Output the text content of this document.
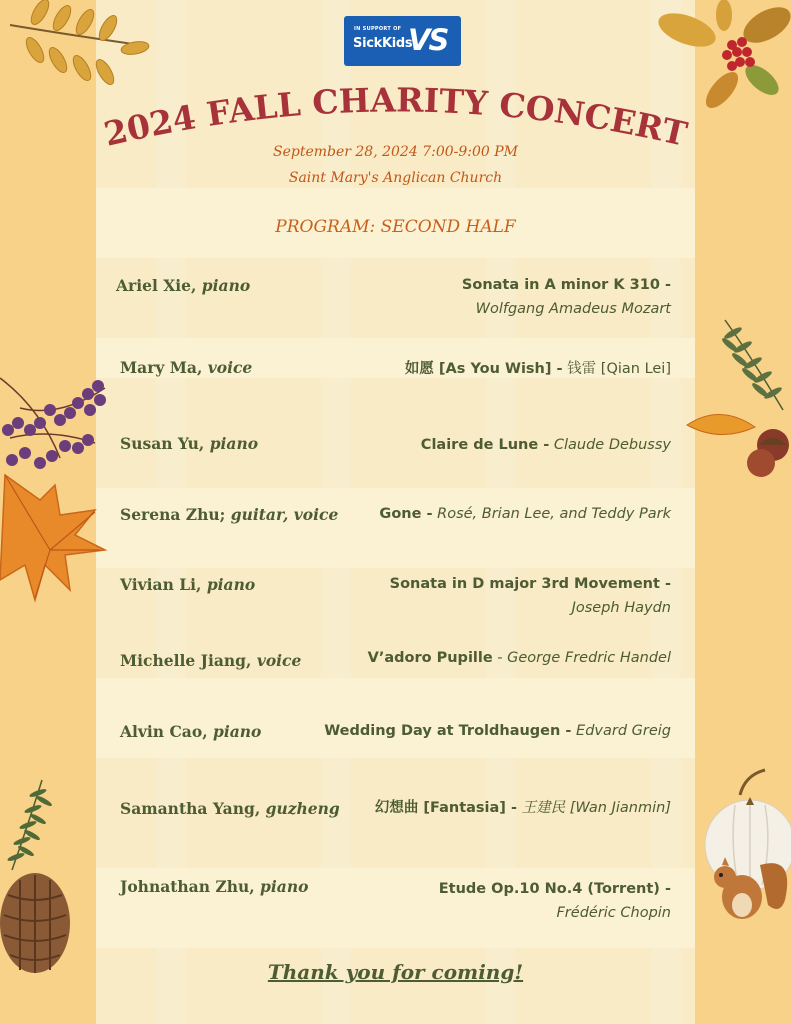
IN SUPPORT OF
SickKids
VS
2024 FALL CHARITY CONCERT
September 28, 2024 7:00-9:00 PM
Saint Mary's Anglican Church
PROGRAM: SECOND HALF
Ariel Xie, piano	Sonata in A minor K 310 -
Wolfgang Amadeus Mozart
Mary Ma, voice	如愿 [As You Wish] - 钱雷 [Qian Lei]
Susan Yu, piano	Claire de Lune - Claude Debussy
Serena Zhu; guitar, voice	Gone - Rosé, Brian Lee, and Teddy Park
Vivian Li, piano	Sonata in D major 3rd Movement -
Joseph Haydn
Michelle Jiang, voice	V’adoro Pupille - George Fredric Handel
Alvin Cao, piano	Wedding Day at Troldhaugen - Edvard Greig
Samantha Yang, guzheng	幻想曲 [Fantasia] - 王建民 [Wan Jianmin]
Johnathan Zhu, piano	Etude Op.10 No.4 (Torrent) -
Frédéric Chopin
Thank you for coming!
